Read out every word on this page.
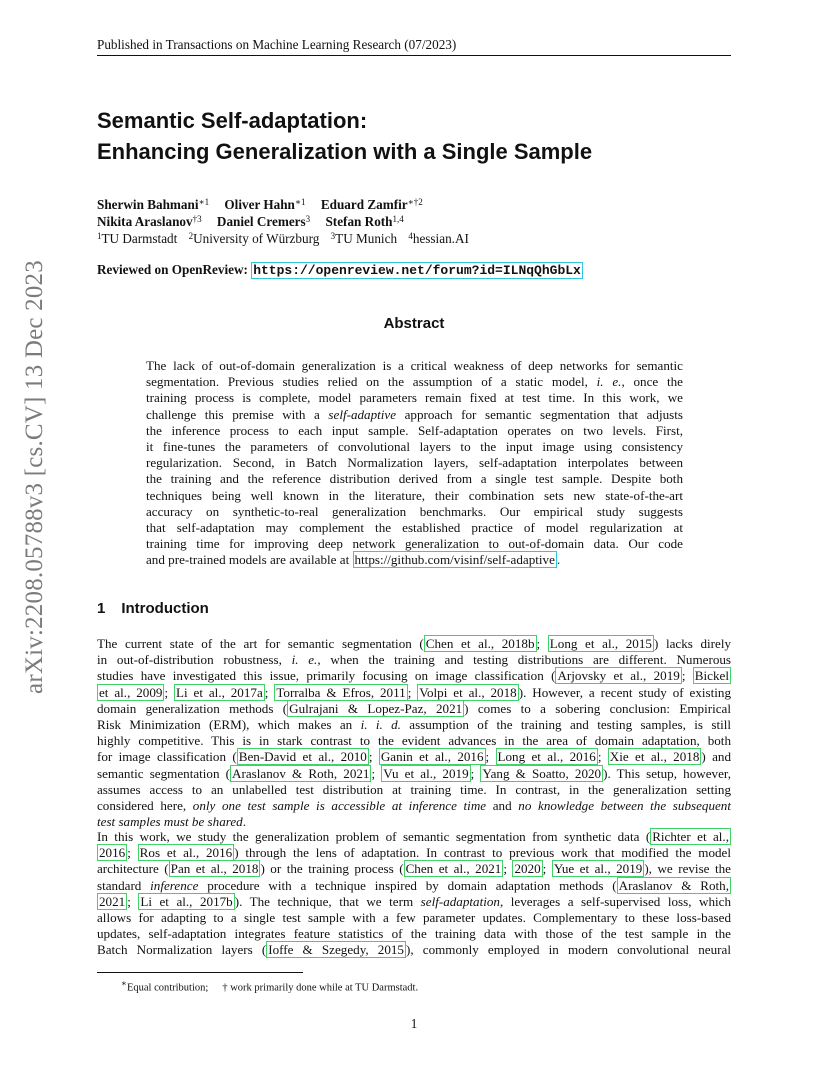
Published in Transactions on Machine Learning Research (07/2023)
arXiv:2208.05788v3 [cs.CV] 13 Dec 2023
Semantic Self-adaptation:
Enhancing Generalization with a Single Sample
Sherwin Bahmani$^{∗1}$ Oliver Hahn$^{∗1}$ Eduard Zamfir$^{∗\dagger 2}$
Nikita Araslanov$^{\dagger 3}$ Daniel Cremers$^3$ Stefan Roth$^{1,4}$
$^1$TU Darmstadt $^2$University of Würzburg $^3$TU Munich $^4$hessian.AI
Reviewed on OpenReview: https://openreview.net/forum?id=ILNqQhGbLx
Abstract
The lack of out-of-domain generalization is a critical weakness of deep networks for semantic
segmentation. Previous studies relied on the assumption of a static model, i. e., once the
training process is complete, model parameters remain fixed at test time. In this work, we
challenge this premise with a self-adaptive approach for semantic segmentation that adjusts
the inference process to each input sample. Self-adaptation operates on two levels. First,
it fine-tunes the parameters of convolutional layers to the input image using consistency
regularization. Second, in Batch Normalization layers, self-adaptation interpolates between
the training and the reference distribution derived from a single test sample. Despite both
techniques being well known in the literature, their combination sets new state-of-the-art
accuracy on synthetic-to-real generalization benchmarks. Our empirical study suggests
that self-adaptation may complement the established practice of model regularization at
training time for improving deep network generalization to out-of-domain data. Our code
and pre-trained models are available at https://github.com/visinf/self-adaptive .
1 Introduction
The current state of the art for semantic segmentation ( Chen et al., 2018b ; Long et al., 2015 ) lacks direly
in out-of-distribution robustness, i. e., when the training and testing distributions are different. Numerous
studies have investigated this issue, primarily focusing on image classification ( Arjovsky et al., 2019 ; Bickel
et al., 2009 ; Li et al., 2017a ; Torralba & Efros, 2011 ; Volpi et al., 2018 ). However, a recent study of existing
domain generalization methods ( Gulrajani & Lopez-Paz, 2021 ) comes to a sobering conclusion: Empirical
Risk Minimization (ERM), which makes an i. i. d. assumption of the training and testing samples, is still
highly competitive. This is in stark contrast to the evident advances in the area of domain adaptation, both
for image classification ( Ben-David et al., 2010 ; Ganin et al., 2016 ; Long et al., 2016 ; Xie et al., 2018 ) and
semantic segmentation ( Araslanov & Roth, 2021 ; Vu et al., 2019 ; Yang & Soatto, 2020 ). This setup, however,
assumes access to an unlabelled test distribution at training time. In contrast, in the generalization setting
considered here, only one test sample is accessible at inference time and no knowledge between the subsequent
test samples must be shared.
In this work, we study the generalization problem of semantic segmentation from synthetic data ( Richter et al.,
2016 ; Ros et al., 2016 ) through the lens of adaptation. In contrast to previous work that modified the model
architecture ( Pan et al., 2018 ) or the training process ( Chen et al., 2021 ; 2020 ; Yue et al., 2019 ), we revise the
standard inference procedure with a technique inspired by domain adaptation methods ( Araslanov & Roth,
2021 ; Li et al., 2017b ). The technique, that we term self-adaptation, leverages a self-supervised loss, which
allows for adapting to a single test sample with a few parameter updates. Complementary to these loss-based
updates, self-adaptation integrates feature statistics of the training data with those of the test sample in the
Batch Normalization layers ( Ioffe & Szegedy, 2015 ), commonly employed in modern convolutional neural
∗Equal contribution; † work primarily done while at TU Darmstadt.
1
